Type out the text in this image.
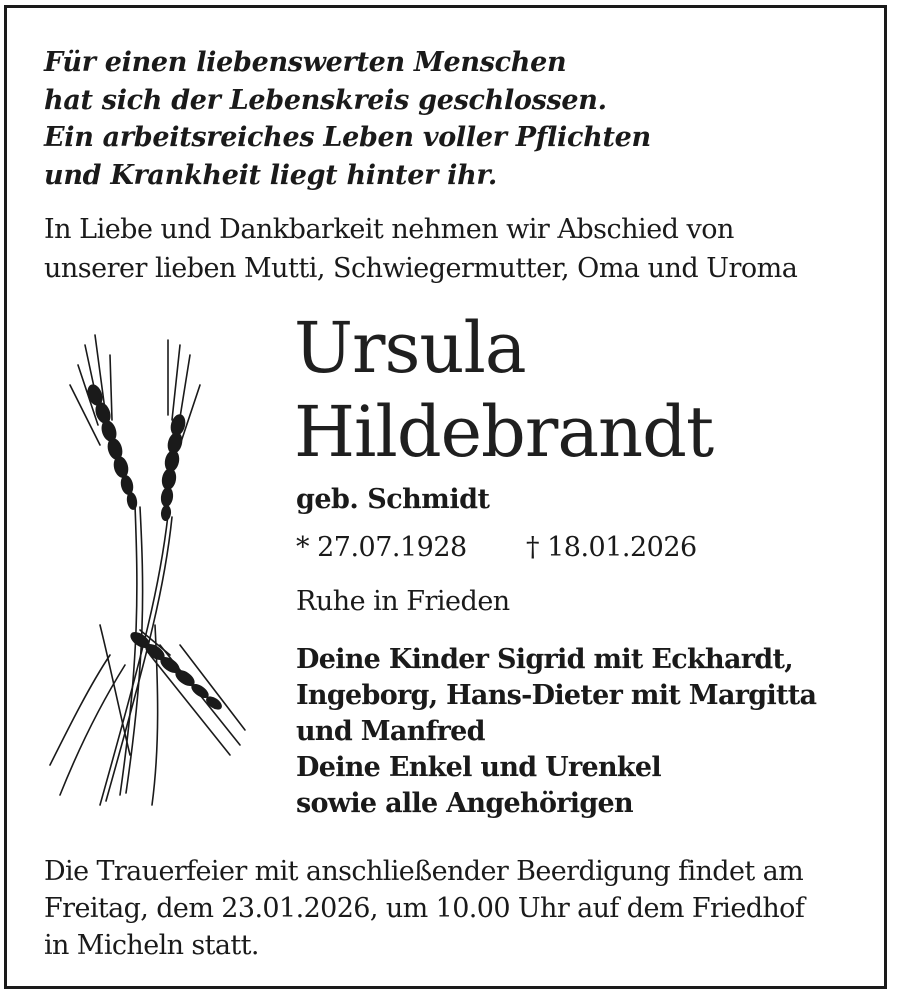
Für einen liebenswerten Menschen
hat sich der Lebenskreis geschlossen.
Ein arbeitsreiches Leben voller Pflichten
und Krankheit liegt hinter ihr.
In Liebe und Dankbarkeit nehmen wir Abschied von
unserer lieben Mutti, Schwiegermutter, Oma und Uroma
Ursula
Hildebrandt
geb. Schmidt
* 27.07.1928 † 18.01.2026
Ruhe in Frieden
Deine Kinder Sigrid mit Eckhardt,
Ingeborg, Hans-Dieter mit Margitta
und Manfred
Deine Enkel und Urenkel
sowie alle Angehörigen
Die Trauerfeier mit anschließender Beerdigung findet am
Freitag, dem 23.01.2026, um 10.00 Uhr auf dem Friedhof
in Micheln statt.
